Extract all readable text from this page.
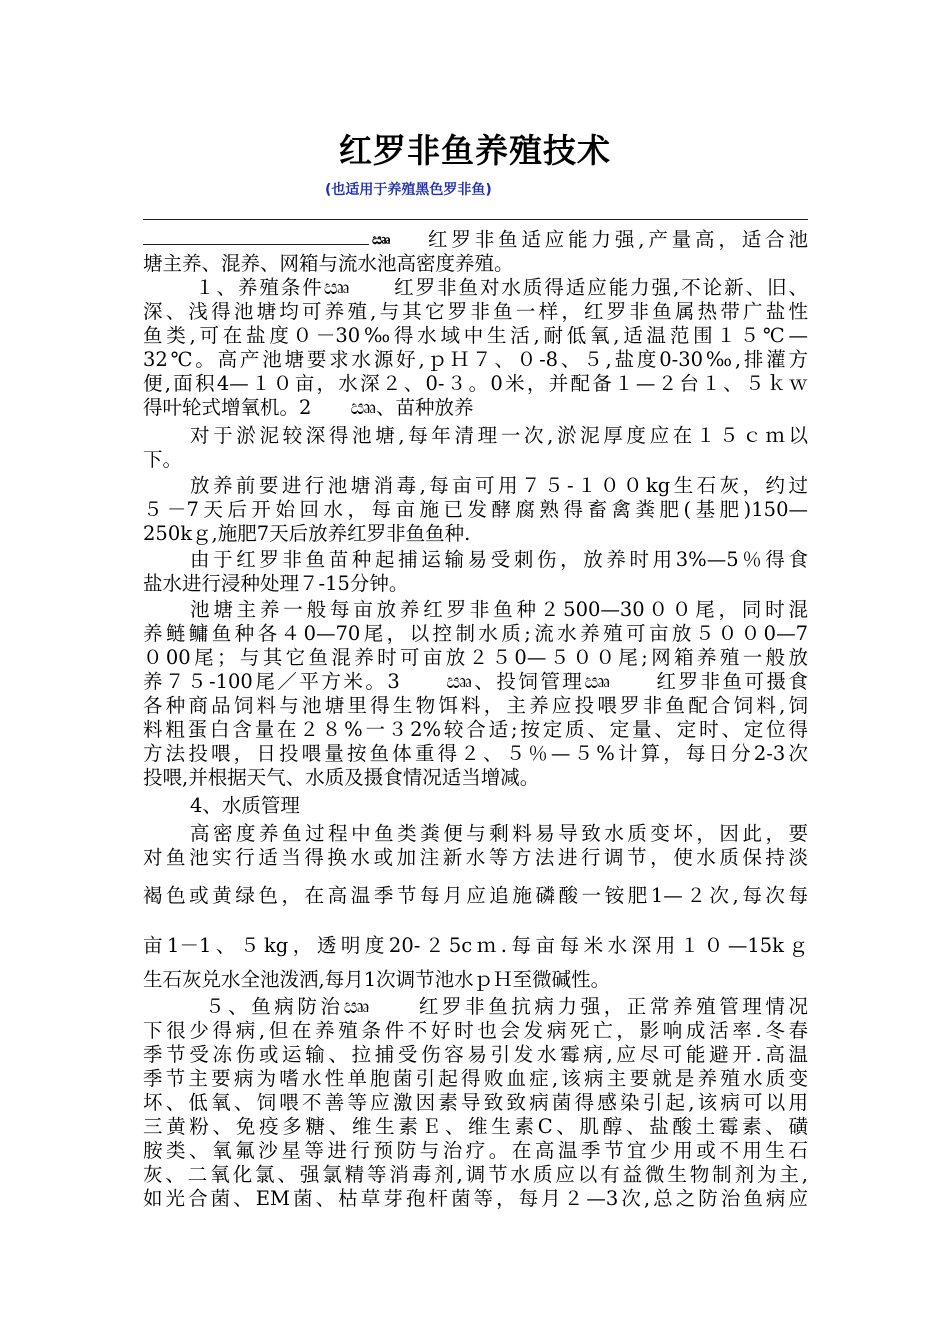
红罗非鱼养殖技术
(也适用于养殖黑色罗非鱼)
ඎ 红罗非鱼适应能力强,产量高，适合池
塘主养、混养、网箱与流水池高密度养殖。
１、养殖条件ඎ　　红罗非鱼对水质得适应能力强,不论新、旧、
深、浅得池塘均可养殖,与其它罗非鱼一样，红罗非鱼属热带广盐性
鱼类,可在盐度０－30‰得水域中生活,耐低氧,适温范围１５℃—
32℃。高产池塘要求水源好,ｐＨ７、０-8、５,盐度0-30‰,排灌方
便,面积4—１０亩，水深２、0-３。0米，并配备１—２台１、５ｋｗ
得叶轮式增氧机。2　　ඎ、苗种放养
对于淤泥较深得池塘,每年清理一次,淤泥厚度应在１５ｃｍ以
下。
放养前要进行池塘消毒,每亩可用７５-１００kg生石灰，约过
５－7天后开始回水，每亩施已发酵腐熟得畜禽粪肥(基肥)150—
250kｇ,施肥7天后放养红罗非鱼鱼种.
由于红罗非鱼苗种起捕运输易受刺伤，放养时用3%—5％得食
盐水进行浸种处理７-15分钟。
池塘主养一般每亩放养红罗非鱼种２500—30００尾，同时混
养鲢鳙鱼种各４0—70尾，以控制水质;流水养殖可亩放５００0—7
０00尾；与其它鱼混养时可亩放２５0—５００尾;网箱养殖一般放
养７５-100尾／平方米。3　　ඎ、投饲管理ඎ　　红罗非鱼可摄食
各种商品饲料与池塘里得生物饵料，主养应投喂罗非鱼配合饲料,饲
料粗蛋白含量在２８%一３2%较合适;按定质、定量、定时、定位得
方法投喂，日投喂量按鱼体重得２、５％—５%计算，每日分2-3次
投喂,并根据天气、水质及摄食情况适当增减。
4、水质管理
高密度养鱼过程中鱼类粪便与剩料易导致水质变坏，因此，要
对鱼池实行适当得换水或加注新水等方法进行调节，使水质保持淡
褐色或黄绿色，在高温季节每月应追施磷酸一铵肥1—２次,每次每
亩1－1、５kg，透明度20-２5cｍ.每亩每米水深用１０—15kｇ
生石灰兑水全池泼洒,每月1次调节池水ｐＨ至微碱性。
５、鱼病防治ඎ　　红罗非鱼抗病力强，正常养殖管理情况
下很少得病,但在养殖条件不好时也会发病死亡，影响成活率.冬春
季节受冻伤或运输、拉捕受伤容易引发水霉病,应尽可能避开.高温
季节主要病为嗜水性单胞菌引起得败血症,该病主要就是养殖水质变
坏、低氧、饲喂不善等应激因素导致致病菌得感染引起,该病可以用
三黄粉、免疫多糖、维生素Ｅ、维生素C、肌醇、盐酸土霉素、磺
胺类、氧氟沙星等进行预防与治疗。在高温季节宜少用或不用生石
灰、二氧化氯、强氯精等消毒剂,调节水质应以有益微生物制剂为主,
如光合菌、EM菌、枯草芽孢杆菌等，每月２—3次,总之防治鱼病应
